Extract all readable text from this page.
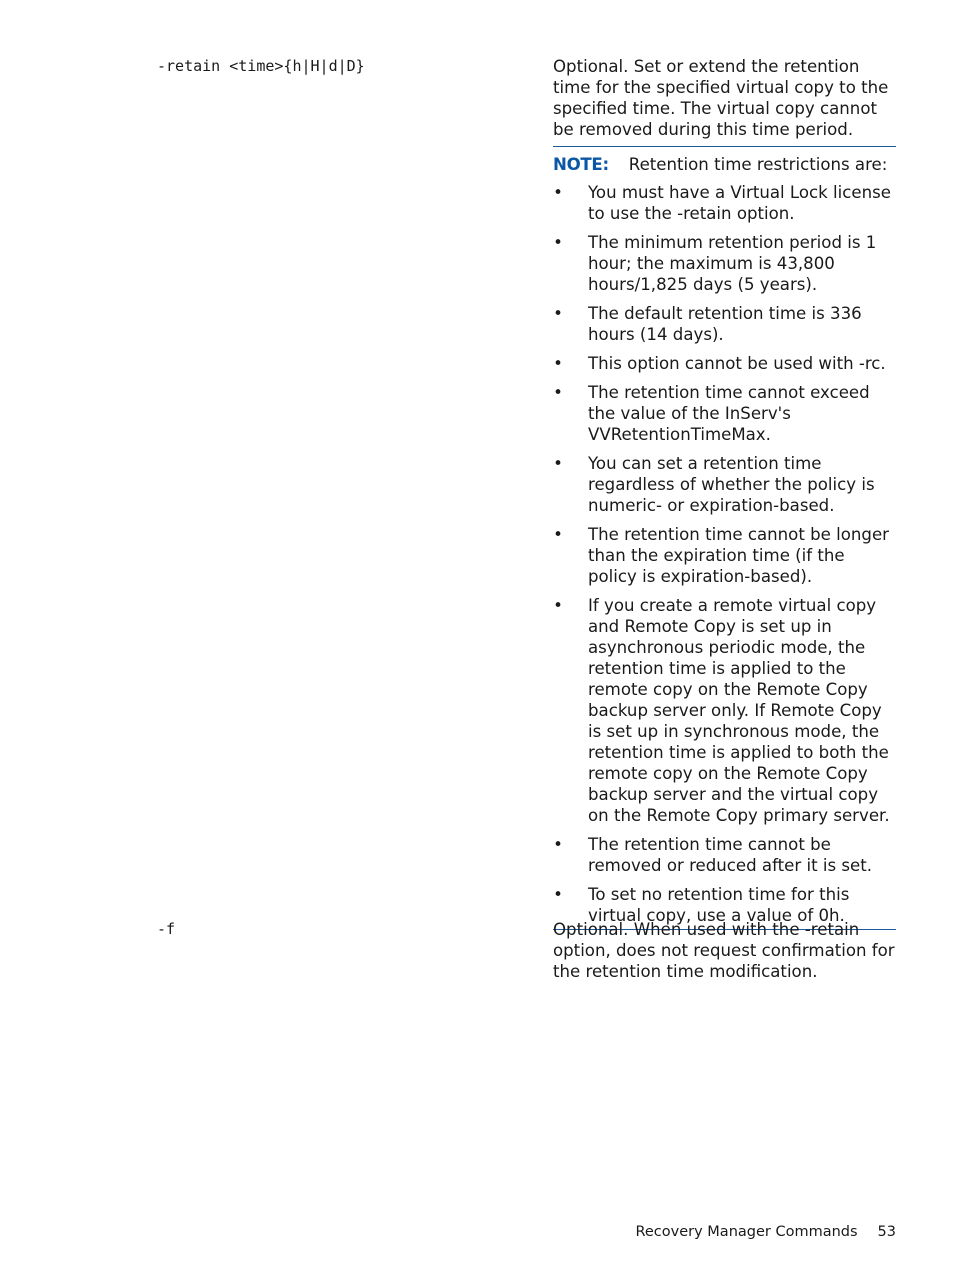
-retain <time>{h|H|d|D}	Optional. Set or extend the retention time for the specified virtual copy to the specified time. The virtual copy cannot be removed during this time period.

NOTE: Retention time restrictions are:
• You must have a Virtual Lock license to use the -retain option.
• The minimum retention period is 1 hour; the maximum is 43,800 hours/1,825 days (5 years).
• The default retention time is 336 hours (14 days).
• This option cannot be used with -rc.
• The retention time cannot exceed the value of the InServ's VVRetentionTimeMax.
• You can set a retention time regardless of whether the policy is numeric- or expiration-based.
• The retention time cannot be longer than the expiration time (if the policy is expiration-based).
• If you create a remote virtual copy and Remote Copy is set up in asynchronous periodic mode, the retention time is applied to the remote copy on the Remote Copy backup server only. If Remote Copy is set up in synchronous mode, the retention time is applied to both the remote copy on the Remote Copy backup server and the virtual copy on the Remote Copy primary server.
• The retention time cannot be removed or reduced after it is set.
• To set no retention time for this virtual copy, use a value of 0h.
-f	Optional. When used with the -retain option, does not request confirmation for the retention time modification.

Recovery Manager Commands 53
